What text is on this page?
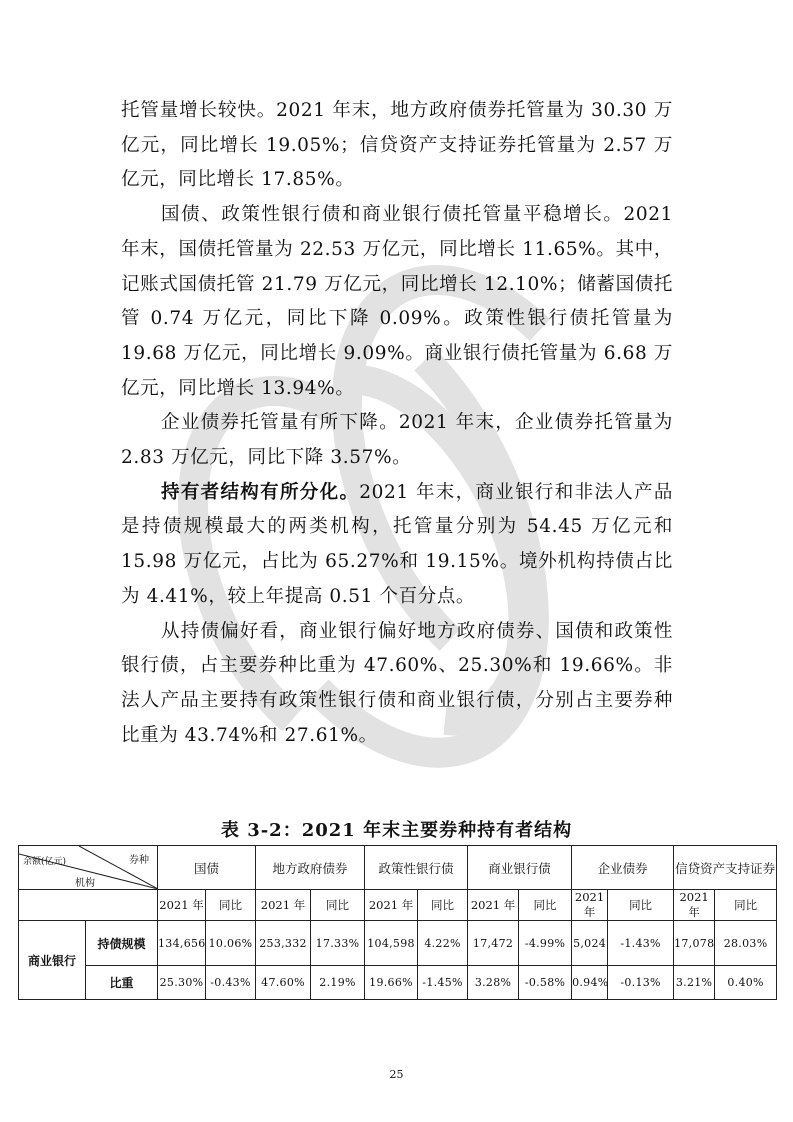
托管量增长较快。2021 年末，地方政府债券托管量为 30.30 万亿元，同比增长 19.05%；信贷资产支持证券托管量为 2.57 万亿元，同比增长 17.85%。

国债、政策性银行债和商业银行债托管量平稳增长。2021 年末，国债托管量为 22.53 万亿元，同比增长 11.65%。其中，记账式国债托管 21.79 万亿元，同比增长 12.10%；储蓄国债托管 0.74 万亿元，同比下降 0.09%。政策性银行债托管量为 19.68 万亿元，同比增长 9.09%。商业银行债托管量为 6.68 万亿元，同比增长 13.94%。

企业债券托管量有所下降。2021 年末，企业债券托管量为 2.83 万亿元，同比下降 3.57%。

持有者结构有所分化。2021 年末，商业银行和非法人产品是持债规模最大的两类机构，托管量分别为 54.45 万亿元和 15.98 万亿元，占比为 65.27%和 19.15%。境外机构持债占比为 4.41%，较上年提高 0.51 个百分点。

从持债偏好看，商业银行偏好地方政府债券、国债和政策性银行债，占主要券种比重为 47.60%、25.30%和 19.66%。非法人产品主要持有政策性银行债和商业银行债，分别占主要券种比重为 43.74%和 27.61%。

表 3-2：2021 年末主要券种持有者结构
余额(亿元) 券种
机构		国债		地方政府债券		政策性银行债		商业银行债		企业债券		信贷资产支持证券	
		2021 年	同比	2021 年	同比	2021 年	同比	2021 年	同比	2021 年	同比	2021 年	同比
商业银行	持债规模	134,656	10.06%	253,332	17.33%	104,598	4.22%	17,472	-4.99%	5,024	-1.43%	17,078	28.03%
	比重	25.30%	-0.43%	47.60%	2.19%	19.66%	-1.45%	3.28%	-0.58%	0.94%	-0.13%	3.21%	0.40%
25
